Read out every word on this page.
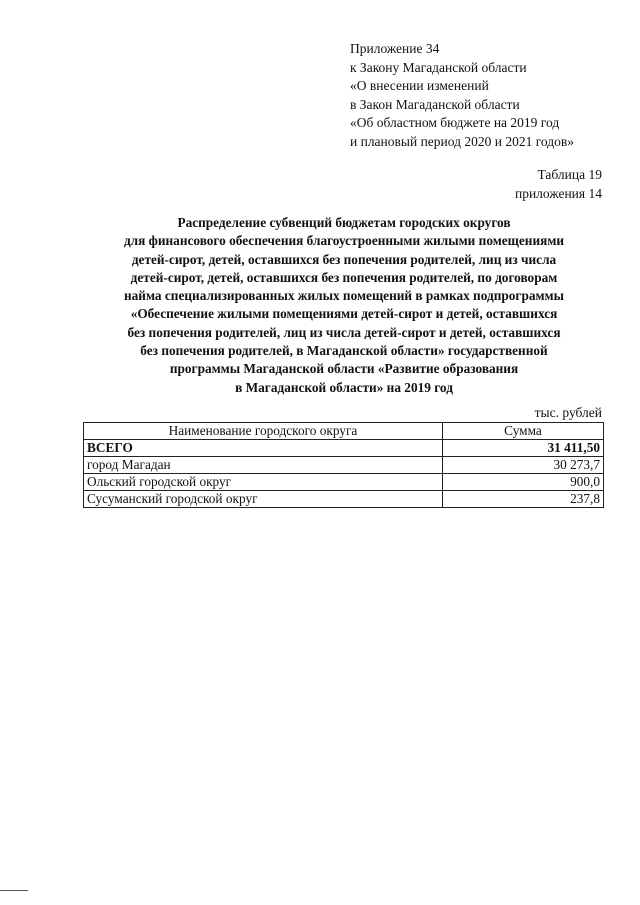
Приложение 34
к Закону Магаданской области
«О внесении изменений
в Закон Магаданской области
«Об областном бюджете на 2019 год
и плановый период 2020 и 2021 годов»
Таблица 19
приложения 14
Распределение субвенций бюджетам городских округов
для финансового обеспечения благоустроенными жилыми помещениями
детей-сирот, детей, оставшихся без попечения родителей, лиц из числа
детей-сирот, детей, оставшихся без попечения родителей, по договорам
найма специализированных жилых помещений в рамках подпрограммы
«Обеспечение жилыми помещениями детей-сирот и детей, оставшихся
без попечения родителей, лиц из числа детей-сирот и детей, оставшихся
без попечения родителей, в Магаданской области» государственной
программы Магаданской области «Развитие образования
в Магаданской области» на 2019 год
тыс. рублей
Наименование городского округа	Сумма
ВСЕГО	31 411,50
город Магадан	30 273,7
Ольский городской округ	900,0
Сусуманский городской округ	237,8
